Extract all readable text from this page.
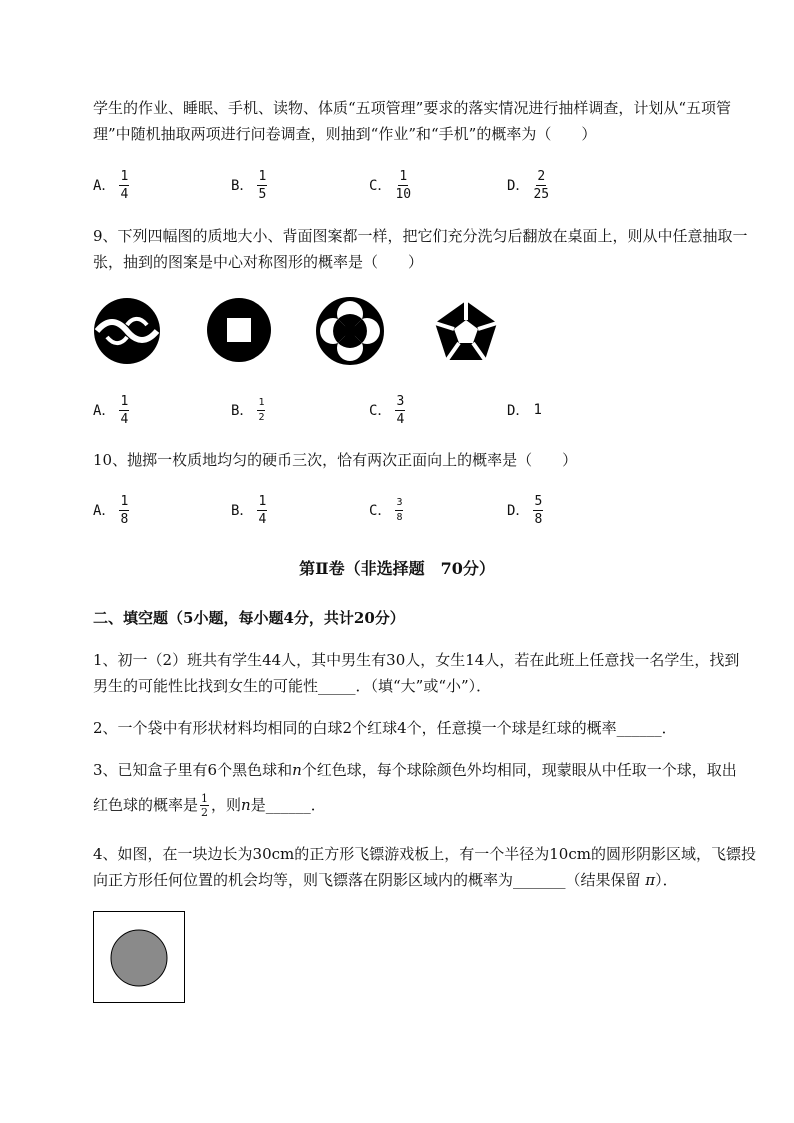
学生的作业、睡眠、手机、读物、体质“五项管理”要求的落实情况进行抽样调查，计划从“五项管
理”中随机抽取两项进行问卷调查，则抽到“作业”和“手机”的概率为（　　）
A． $\frac{1}{4}$	B． $\frac{1}{5}$	C． $\frac{1}{10}$	D． $\frac{2}{25}$
9、下列四幅图的质地大小、背面图案都一样，把它们充分洗匀后翻放在桌面上，则从中任意抽取一
张，抽到的图案是中心对称图形的概率是（　　）
A． $\frac{1}{4}$	B． $\frac{1}{2}$	C． $\frac{3}{4}$	D． 1
10、抛掷一枚质地均匀的硬币三次，恰有两次正面向上的概率是（　　）
A． $\frac{1}{8}$	B． $\frac{1}{4}$	C． $\frac{3}{8}$	D． $\frac{5}{8}$
第Ⅱ卷（非选择题　70分）
二、填空题（5小题，每小题4分，共计20分）
1、初一（2）班共有学生44人，其中男生有30人，女生14人，若在此班上任意找一名学生，找到
男生的可能性比找到女生的可能性_____．（填“大”或“小”）．
2、一个袋中有形状材料均相同的白球2个红球4个，任意摸一个球是红球的概率______．
3、已知盒子里有6个黑色球和n个红色球，每个球除颜色外均相同，现蒙眼从中任取一个球，取出
红色球的概率是 $\frac{1}{2}$ ，则 n 是______．
4、如图，在一块边长为30cm的正方形飞镖游戏板上，有一个半径为10cm的圆形阴影区域，飞镖投
向正方形任何位置的机会均等，则飞镖落在阴影区域内的概率为_______（结果保留 π）．
